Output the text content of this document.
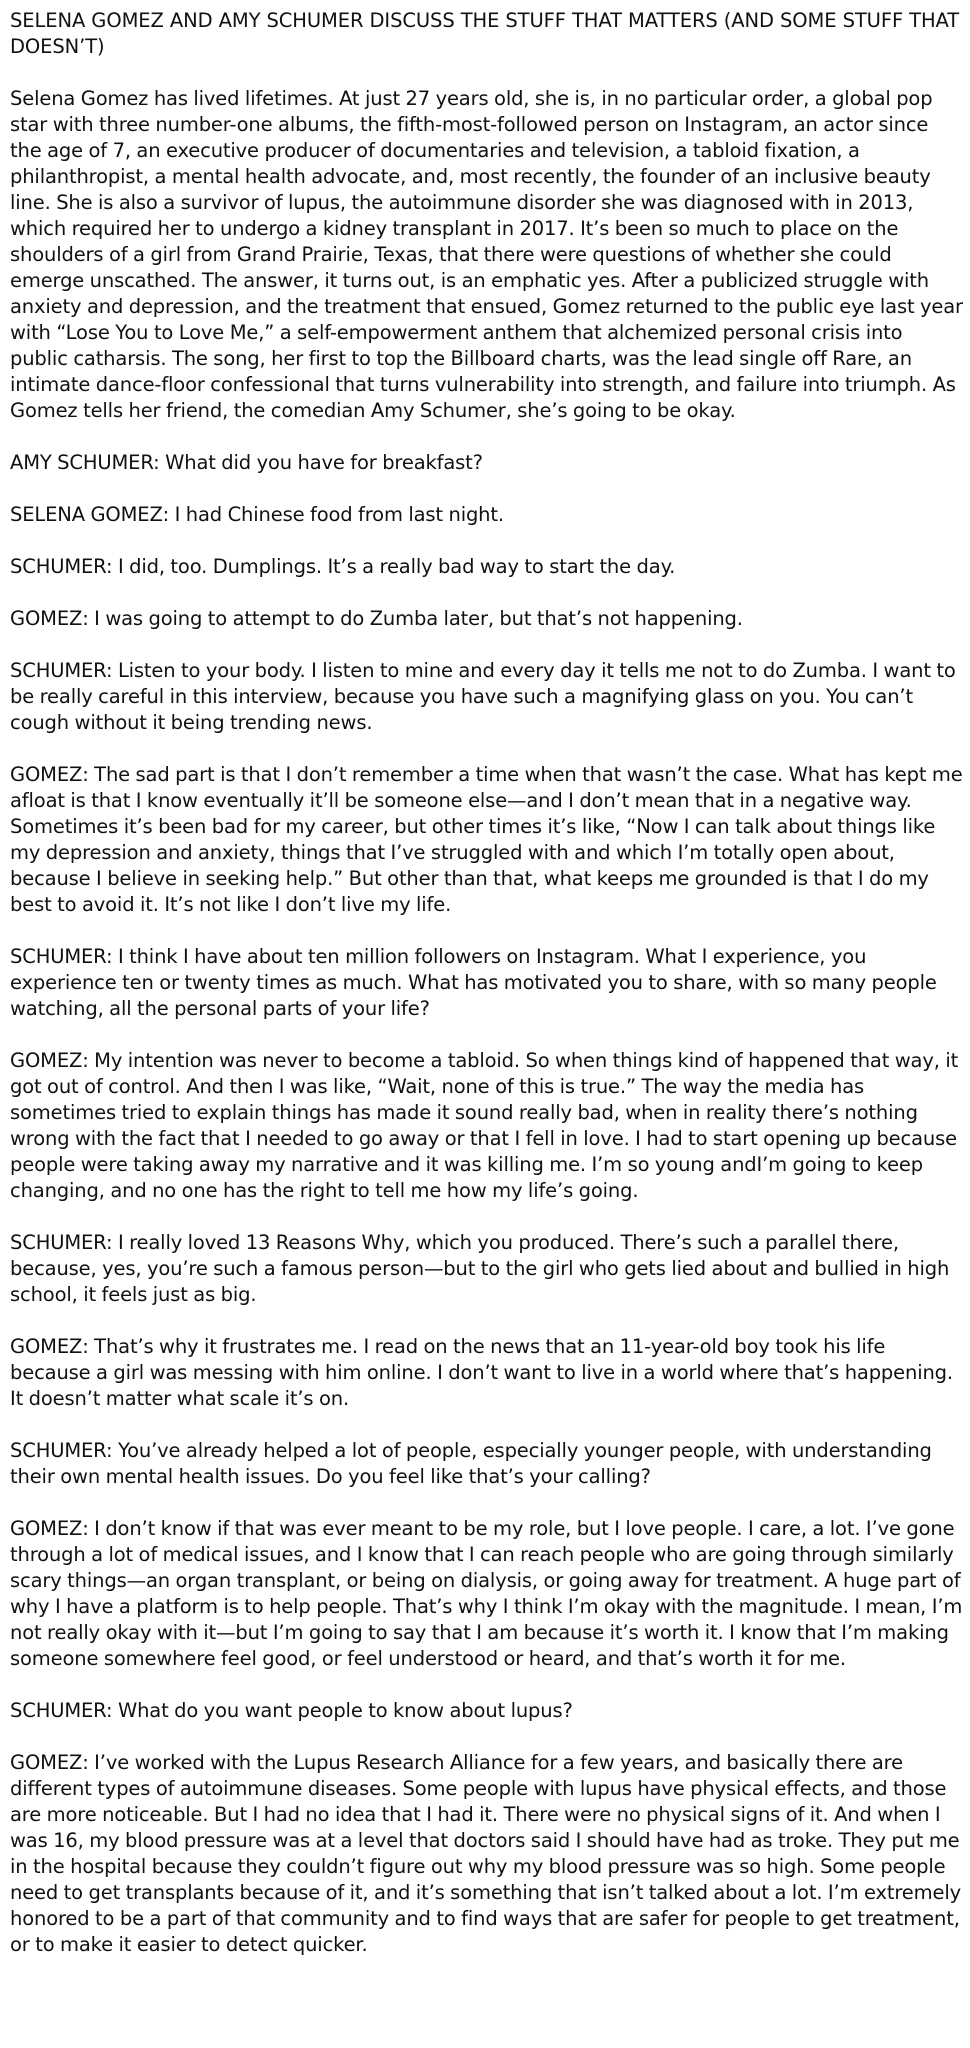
SELENA GOMEZ AND AMY SCHUMER DISCUSS THE STUFF THAT MATTERS (AND SOME STUFF THAT DOESN’T)

Selena Gomez has lived lifetimes. At just 27 years old, she is, in no particular order, a global pop star with three number-one albums, the fifth-most-followed person on Instagram, an actor since the age of 7, an executive producer of documentaries and television, a tabloid fixation, a philanthropist, a mental health advocate, and, most recently, the founder of an inclusive beauty line. She is also a survivor of lupus, the autoimmune disorder she was diagnosed with in 2013, which required her to undergo a kidney transplant in 2017. It’s been so much to place on the shoulders of a girl from Grand Prairie, Texas, that there were questions of whether she could emerge unscathed. The answer, it turns out, is an emphatic yes. After a publicized struggle with anxiety and depression, and the treatment that ensued, Gomez returned to the public eye last year with “Lose You to Love Me,” a self-empowerment anthem that alchemized personal crisis into public catharsis. The song, her first to top the Billboard charts, was the lead single off Rare, an intimate dance-floor confessional that turns vulnerability into strength, and failure into triumph. As Gomez tells her friend, the comedian Amy Schumer, she’s going to be okay.

AMY SCHUMER: What did you have for breakfast?

SELENA GOMEZ: I had Chinese food from last night.

SCHUMER: I did, too. Dumplings. It’s a really bad way to start the day.

GOMEZ: I was going to attempt to do Zumba later, but that’s not happening.

SCHUMER: Listen to your body. I listen to mine and every day it tells me not to do Zumba. I want to be really careful in this interview, because you have such a magnifying glass on you. You can’t cough without it being trending news.

GOMEZ: The sad part is that I don’t remember a time when that wasn’t the case. What has kept me afloat is that I know eventually it’ll be someone else—and I don’t mean that in a negative way. Sometimes it’s been bad for my career, but other times it’s like, “Now I can talk about things like my depression and anxiety, things that I’ve struggled with and which I’m totally open about, because I believe in seeking help.” But other than that, what keeps me grounded is that I do my best to avoid it. It’s not like I don’t live my life.

SCHUMER: I think I have about ten million followers on Instagram. What I experience, you experience ten or twenty times as much. What has motivated you to share, with so many people watching, all the personal parts of your life?

GOMEZ: My intention was never to become a tabloid. So when things kind of happened that way, it got out of control. And then I was like, “Wait, none of this is true.” The way the media has sometimes tried to explain things has made it sound really bad, when in reality there’s nothing wrong with the fact that I needed to go away or that I fell in love. I had to start opening up because people were taking away my narrative and it was killing me. I’m so young andI’m going to keep changing, and no one has the right to tell me how my life’s going.

SCHUMER: I really loved 13 Reasons Why, which you produced. There’s such a parallel there, because, yes, you’re such a famous person—but to the girl who gets lied about and bullied in high school, it feels just as big.

GOMEZ: That’s why it frustrates me. I read on the news that an 11-year-old boy took his life because a girl was messing with him online. I don’t want to live in a world where that’s happening. It doesn’t matter what scale it’s on.

SCHUMER: You’ve already helped a lot of people, especially younger people, with understanding their own mental health issues. Do you feel like that’s your calling?

GOMEZ: I don’t know if that was ever meant to be my role, but I love people. I care, a lot. I’ve gone through a lot of medical issues, and I know that I can reach people who are going through similarly scary things—an organ transplant, or being on dialysis, or going away for treatment. A huge part of why I have a platform is to help people. That’s why I think I’m okay with the magnitude. I mean, I’m not really okay with it—but I’m going to say that I am because it’s worth it. I know that I’m making someone somewhere feel good, or feel understood or heard, and that’s worth it for me.

SCHUMER: What do you want people to know about lupus?

GOMEZ: I’ve worked with the Lupus Research Alliance for a few years, and basically there are different types of autoimmune diseases. Some people with lupus have physical effects, and those are more noticeable. But I had no idea that I had it. There were no physical signs of it. And when I was 16, my blood pressure was at a level that doctors said I should have had as troke. They put me in the hospital because they couldn’t figure out why my blood pressure was so high. Some people need to get transplants because of it, and it’s something that isn’t talked about a lot. I’m extremely honored to be a part of that community and to find ways that are safer for people to get treatment, or to make it easier to detect quicker.
